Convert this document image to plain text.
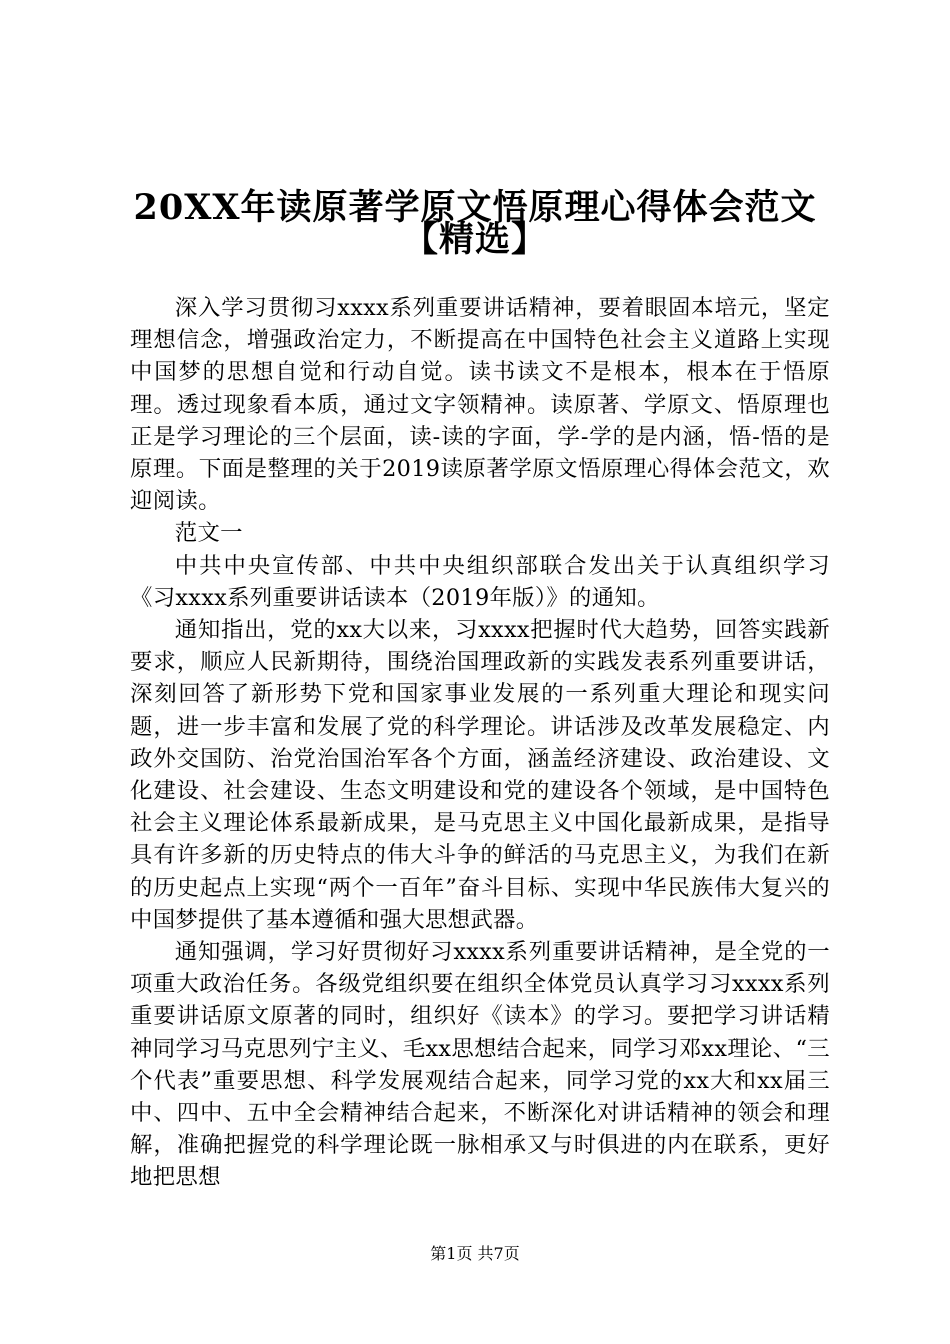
20XX年读原著学原文悟原理心得体会范文
【精选】

深入学习贯彻习xxxx系列重要讲话精神，要着眼固本培元，坚定理想信念，增强政治定力，不断提高在中国特色社会主义道路上实现中国梦的思想自觉和行动自觉。读书读文不是根本，根本在于悟原理。透过现象看本质，通过文字领精神。读原著、学原文、悟原理也正是学习理论的三个层面，读-读的字面，学-学的是内涵，悟-悟的是原理。下面是整理的关于2019读原著学原文悟原理心得体会范文，欢迎阅读。

范文一

中共中央宣传部、中共中央组织部联合发出关于认真组织学习《习xxxx系列重要讲话读本（2019年版）》的通知。

通知指出，党的xx大以来，习xxxx把握时代大趋势，回答实践新要求，顺应人民新期待，围绕治国理政新的实践发表系列重要讲话，深刻回答了新形势下党和国家事业发展的一系列重大理论和现实问题，进一步丰富和发展了党的科学理论。讲话涉及改革发展稳定、内政外交国防、治党治国治军各个方面，涵盖经济建设、政治建设、文化建设、社会建设、生态文明建设和党的建设各个领域，是中国特色社会主义理论体系最新成果，是马克思主义中国化最新成果，是指导具有许多新的历史特点的伟大斗争的鲜活的马克思主义，为我们在新的历史起点上实现“两个一百年”奋斗目标、实现中华民族伟大复兴的中国梦提供了基本遵循和强大思想武器。

通知强调，学习好贯彻好习xxxx系列重要讲话精神，是全党的一项重大政治任务。各级党组织要在组织全体党员认真学习习xxxx系列重要讲话原文原著的同时，组织好《读本》的学习。要把学习讲话精神同学习马克思列宁主义、毛xx思想结合起来，同学习邓xx理论、“三个代表”重要思想、科学发展观结合起来，同学习党的xx大和xx届三中、四中、五中全会精神结合起来，不断深化对讲话精神的领会和理解，准确把握党的科学理论既一脉相承又与时俱进的内在联系，更好地把思想

第1页 共7页
